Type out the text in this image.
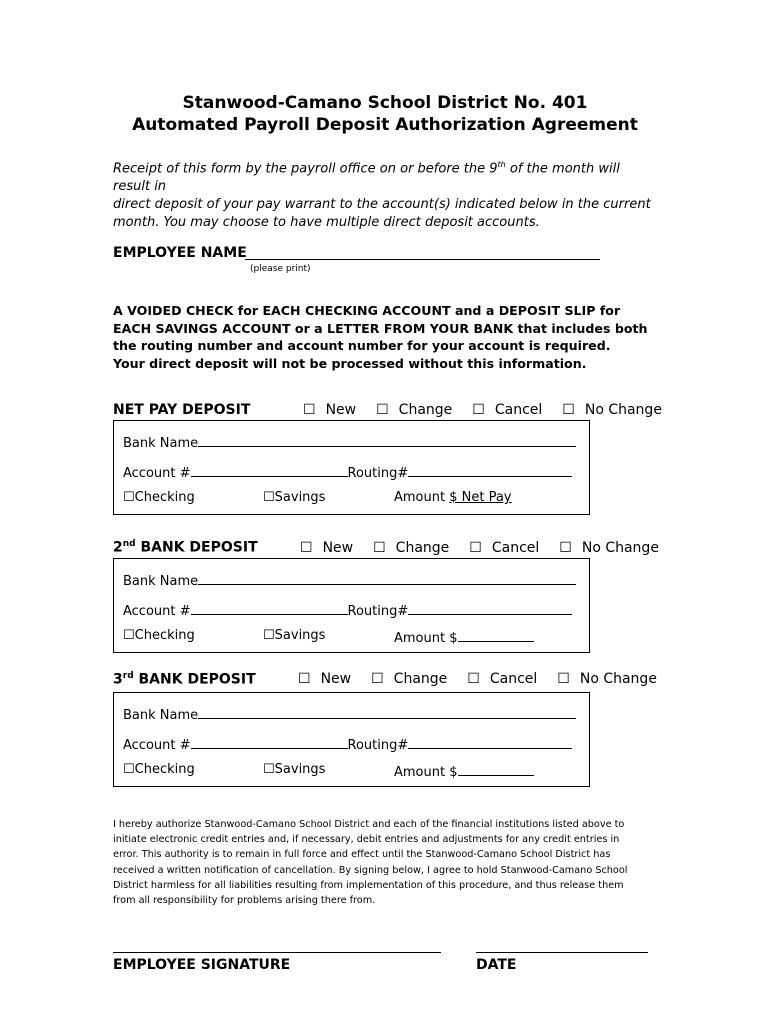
Stanwood-Camano School District No. 401
Automated Payroll Deposit Authorization Agreement
Receipt of this form by the payroll office on or before the 9th of the month will result in
direct deposit of your pay warrant to the account(s) indicated below in the current
month. You may choose to have multiple direct deposit accounts.
EMPLOYEE NAME
(please print)
A VOIDED CHECK for EACH CHECKING ACCOUNT and a DEPOSIT SLIP for
EACH SAVINGS ACCOUNT or a LETTER FROM YOUR BANK that includes both
the routing number and account number for your account is required.
Your direct deposit will not be processed without this information.
NET PAY DEPOSIT	☐ New ☐ Change ☐ Cancel ☐ No Change
Bank Name
Account #	Routing#
☐Checking	☐Savings	Amount $ Net Pay
2nd BANK DEPOSIT	☐ New ☐ Change ☐ Cancel ☐ No Change
Bank Name
Account #	Routing#
☐Checking	☐Savings	Amount $
3rd BANK DEPOSIT	☐ New ☐ Change ☐ Cancel ☐ No Change
Bank Name
Account #	Routing#
☐Checking	☐Savings	Amount $
I hereby authorize Stanwood-Camano School District and each of the financial institutions listed above to
initiate electronic credit entries and, if necessary, debit entries and adjustments for any credit entries in
error. This authority is to remain in full force and effect until the Stanwood-Camano School District has
received a written notification of cancellation. By signing below, I agree to hold Stanwood-Camano School
District harmless for all liabilities resulting from implementation of this procedure, and thus release them
from all responsibility for problems arising there from.
EMPLOYEE SIGNATURE	DATE
